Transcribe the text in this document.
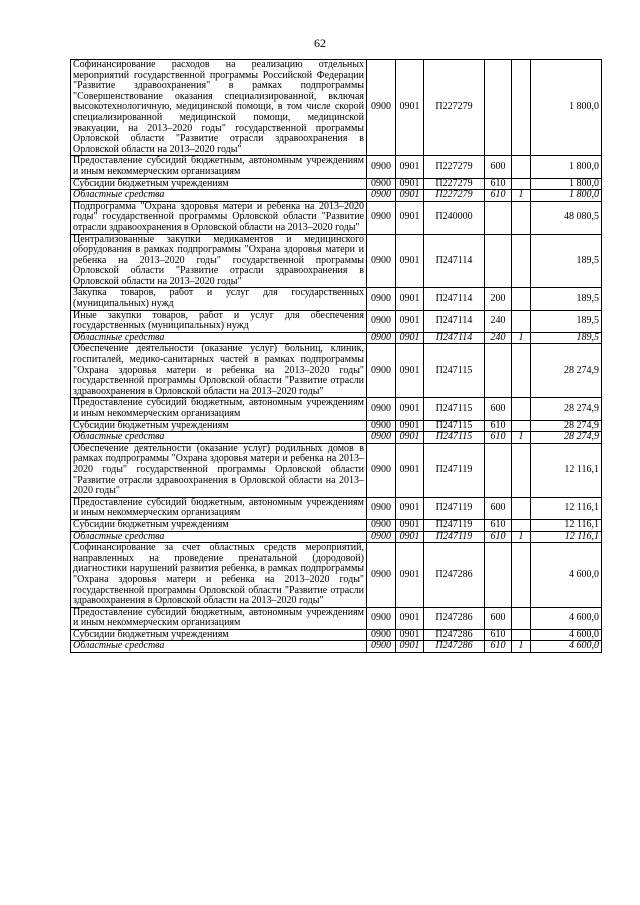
62
Софинансирование расходов на реализацию отдельных мероприятий государственной программы Российской Федерации "Развитие здравоохранения" в рамках подпрограммы "Совершенствование оказания специализированной, включая высокотехнологичную, медицинской помощи, в том числе скорой специализированной медицинской помощи, медицинской эвакуации, на 2013–2020 годы" государственной программы Орловской области "Развитие отрасли здравоохранения в Орловской области на 2013–2020 годы"	0900	0901	П227279			1 800,0
Предоставление субсидий бюджетным, автономным учреждениям и иным некоммерческим организациям	0900	0901	П227279	600		1 800,0
Субсидии бюджетным учреждениям	0900	0901	П227279	610		1 800,0
Областные средства	0900	0901	П227279	610	1	1 800,0
Подпрограмма "Охрана здоровья матери и ребенка на 2013–2020 годы" государственной программы Орловской области "Развитие отрасли здравоохранения в Орловской области на 2013–2020 годы"	0900	0901	П240000			48 080,5
Централизованные закупки медикаментов и медицинского оборудования в рамках подпрограммы "Охрана здоровья матери и ребенка на 2013–2020 годы" государственной программы Орловской области "Развитие отрасли здравоохранения в Орловской области на 2013–2020 годы"	0900	0901	П247114			189,5
Закупка товаров, работ и услуг для государственных (муниципальных) нужд	0900	0901	П247114	200		189,5
Иные закупки товаров, работ и услуг для обеспечения государственных (муниципальных) нужд	0900	0901	П247114	240		189,5
Областные средства	0900	0901	П247114	240	1	189,5
Обеспечение деятельности (оказание услуг) больниц, клиник, госпиталей, медико-санитарных частей в рамках подпрограммы "Охрана здоровья матери и ребенка на 2013–2020 годы" государственной программы Орловской области "Развитие отрасли здравоохранения в Орловской области на 2013–2020 годы"	0900	0901	П247115			28 274,9
Предоставление субсидий бюджетным, автономным учреждениям и иным некоммерческим организациям	0900	0901	П247115	600		28 274,9
Субсидии бюджетным учреждениям	0900	0901	П247115	610		28 274,9
Областные средства	0900	0901	П247115	610	1	28 274,9
Обеспечение деятельности (оказание услуг) родильных домов в рамках подпрограммы "Охрана здоровья матери и ребенка на 2013–2020 годы" государственной программы Орловской области "Развитие отрасли здравоохранения в Орловской области на 2013–2020 годы"	0900	0901	П247119			12 116,1
Предоставление субсидий бюджетным, автономным учреждениям и иным некоммерческим организациям	0900	0901	П247119	600		12 116,1
Субсидии бюджетным учреждениям	0900	0901	П247119	610		12 116,1
Областные средства	0900	0901	П247119	610	1	12 116,1
Софинансирование за счет областных средств мероприятий, направленных на проведение пренатальной (дородовой) диагностики нарушений развития ребенка, в рамках подпрограммы "Охрана здоровья матери и ребенка на 2013–2020 годы" государственной программы Орловской области "Развитие отрасли здравоохранения в Орловской области на 2013–2020 годы"	0900	0901	П247286			4 600,0
Предоставление субсидий бюджетным, автономным учреждениям и иным некоммерческим организациям	0900	0901	П247286	600		4 600,0
Субсидии бюджетным учреждениям	0900	0901	П247286	610		4 600,0
Областные средства	0900	0901	П247286	610	1	4 600,0
